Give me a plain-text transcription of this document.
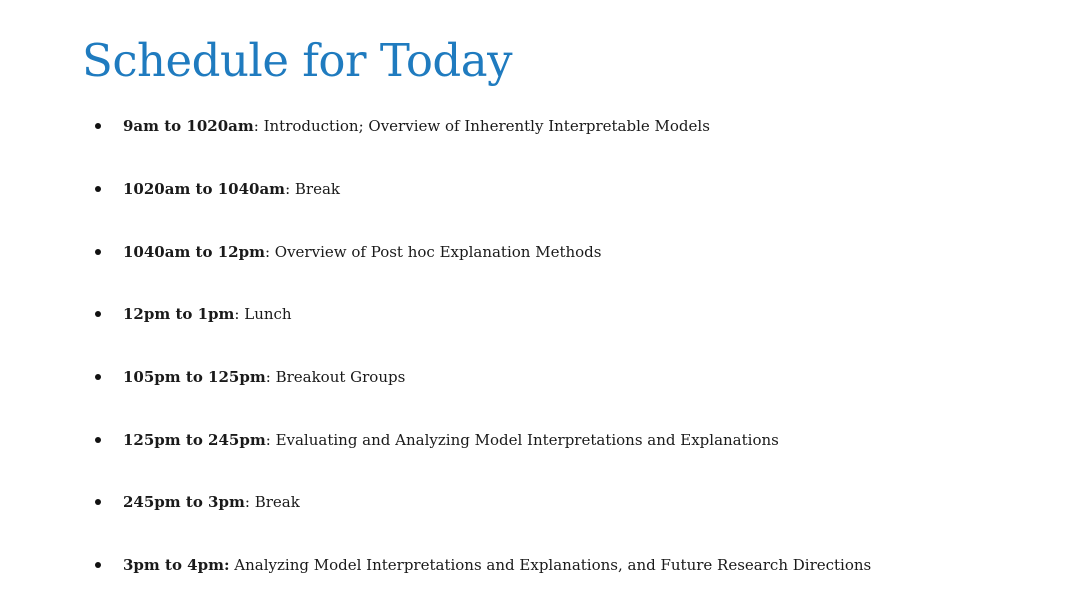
Schedule for Today
9am to 1020am: Introduction; Overview of Inherently Interpretable Models
1020am to 1040am: Break
1040am to 12pm: Overview of Post hoc Explanation Methods
12pm to 1pm: Lunch
105pm to 125pm: Breakout Groups
125pm to 245pm: Evaluating and Analyzing Model Interpretations and Explanations
245pm to 3pm: Break
3pm to 4pm: Analyzing Model Interpretations and Explanations, and Future Research Directions
